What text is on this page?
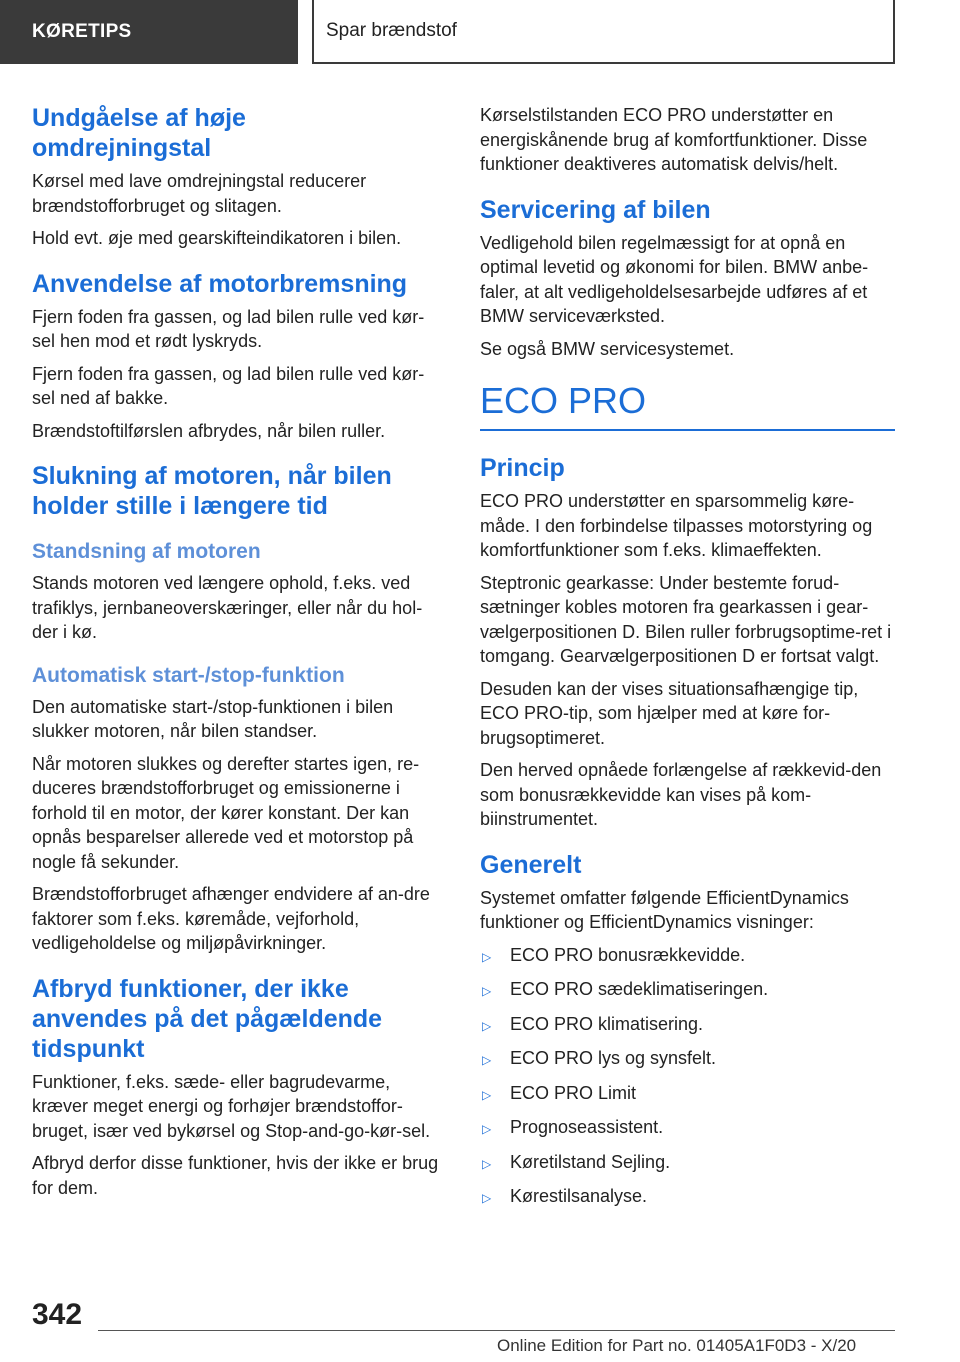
KØRETIPS	Spar brændstof
Undgåelse af høje omdrejningstal

Kørsel med lave omdrejningstal reducerer brændstofforbruget og slitagen.

Hold evt. øje med gearskifteindikatoren i bilen.

Anvendelse af motorbremsning

Fjern foden fra gassen, og lad bilen rulle ved kør-sel hen mod et rødt lyskryds.

Fjern foden fra gassen, og lad bilen rulle ved kør-sel ned af bakke.

Brændstoftilførslen afbrydes, når bilen ruller.

Slukning af motoren, når bilen holder stille i længere tid
Standsning af motoren

Stands motoren ved længere ophold, f.eks. ved trafiklys, jernbaneoverskæringer, eller når du hol-der i kø.

Automatisk start-/stop-funktion

Den automatiske start-/stop-funktionen i bilen slukker motoren, når bilen standser.

Når motoren slukkes og derefter startes igen, re-duceres brændstofforbruget og emissionerne i forhold til en motor, der kører konstant. Der kan opnås besparelser allerede ved et motorstop på nogle få sekunder.

Brændstofforbruget afhænger endvidere af an-dre faktorer som f.eks. køremåde, vejforhold, vedligeholdelse og miljøpåvirkninger.

Afbryd funktioner, der ikke anvendes på det pågældende tidspunkt

Funktioner, f.eks. sæde- eller bagrudevarme, kræver meget energi og forhøjer brændstoffor-bruget, især ved bykørsel og Stop-and-go-kør-sel.

Afbryd derfor disse funktioner, hvis der ikke er brug for dem.

Kørselstilstanden ECO PRO understøtter en energiskånende brug af komfortfunktioner. Disse funktioner deaktiveres automatisk delvis/helt.

Servicering af bilen

Vedligehold bilen regelmæssigt for at opnå en optimal levetid og økonomi for bilen. BMW anbe-faler, at alt vedligeholdelsesarbejde udføres af et BMW serviceværksted.

Se også BMW servicesystemet.

ECO PRO
Princip

ECO PRO understøtter en sparsommelig køre-måde. I den forbindelse tilpasses motorstyring og komfortfunktioner som f.eks. klimaeffekten.

Steptronic gearkasse: Under bestemte forud-sætninger kobles motoren fra gearkassen i gear-vælgerpositionen D. Bilen ruller forbrugsoptime-ret i tomgang. Gearvælgerpositionen D er fortsat valgt.

Desuden kan der vises situationsafhængige tip, ECO PRO-tip, som hjælper med at køre for-brugsoptimeret.

Den herved opnåede forlængelse af rækkevid-den som bonusrækkevidde kan vises på kom-biinstrumentet.

Generelt

Systemet omfatter følgende EfficientDynamics funktioner og EfficientDynamics visninger:

▷	ECO PRO bonusrækkevidde.
▷	ECO PRO sædeklimatiseringen.
▷	ECO PRO klimatisering.
▷	ECO PRO lys og synsfelt.
▷	ECO PRO Limit
▷	Prognoseassistent.
▷	Køretilstand Sejling.
▷	Kørestilsanalyse.
342
Online Edition for Part no. 01405A1F0D3 - X/20
